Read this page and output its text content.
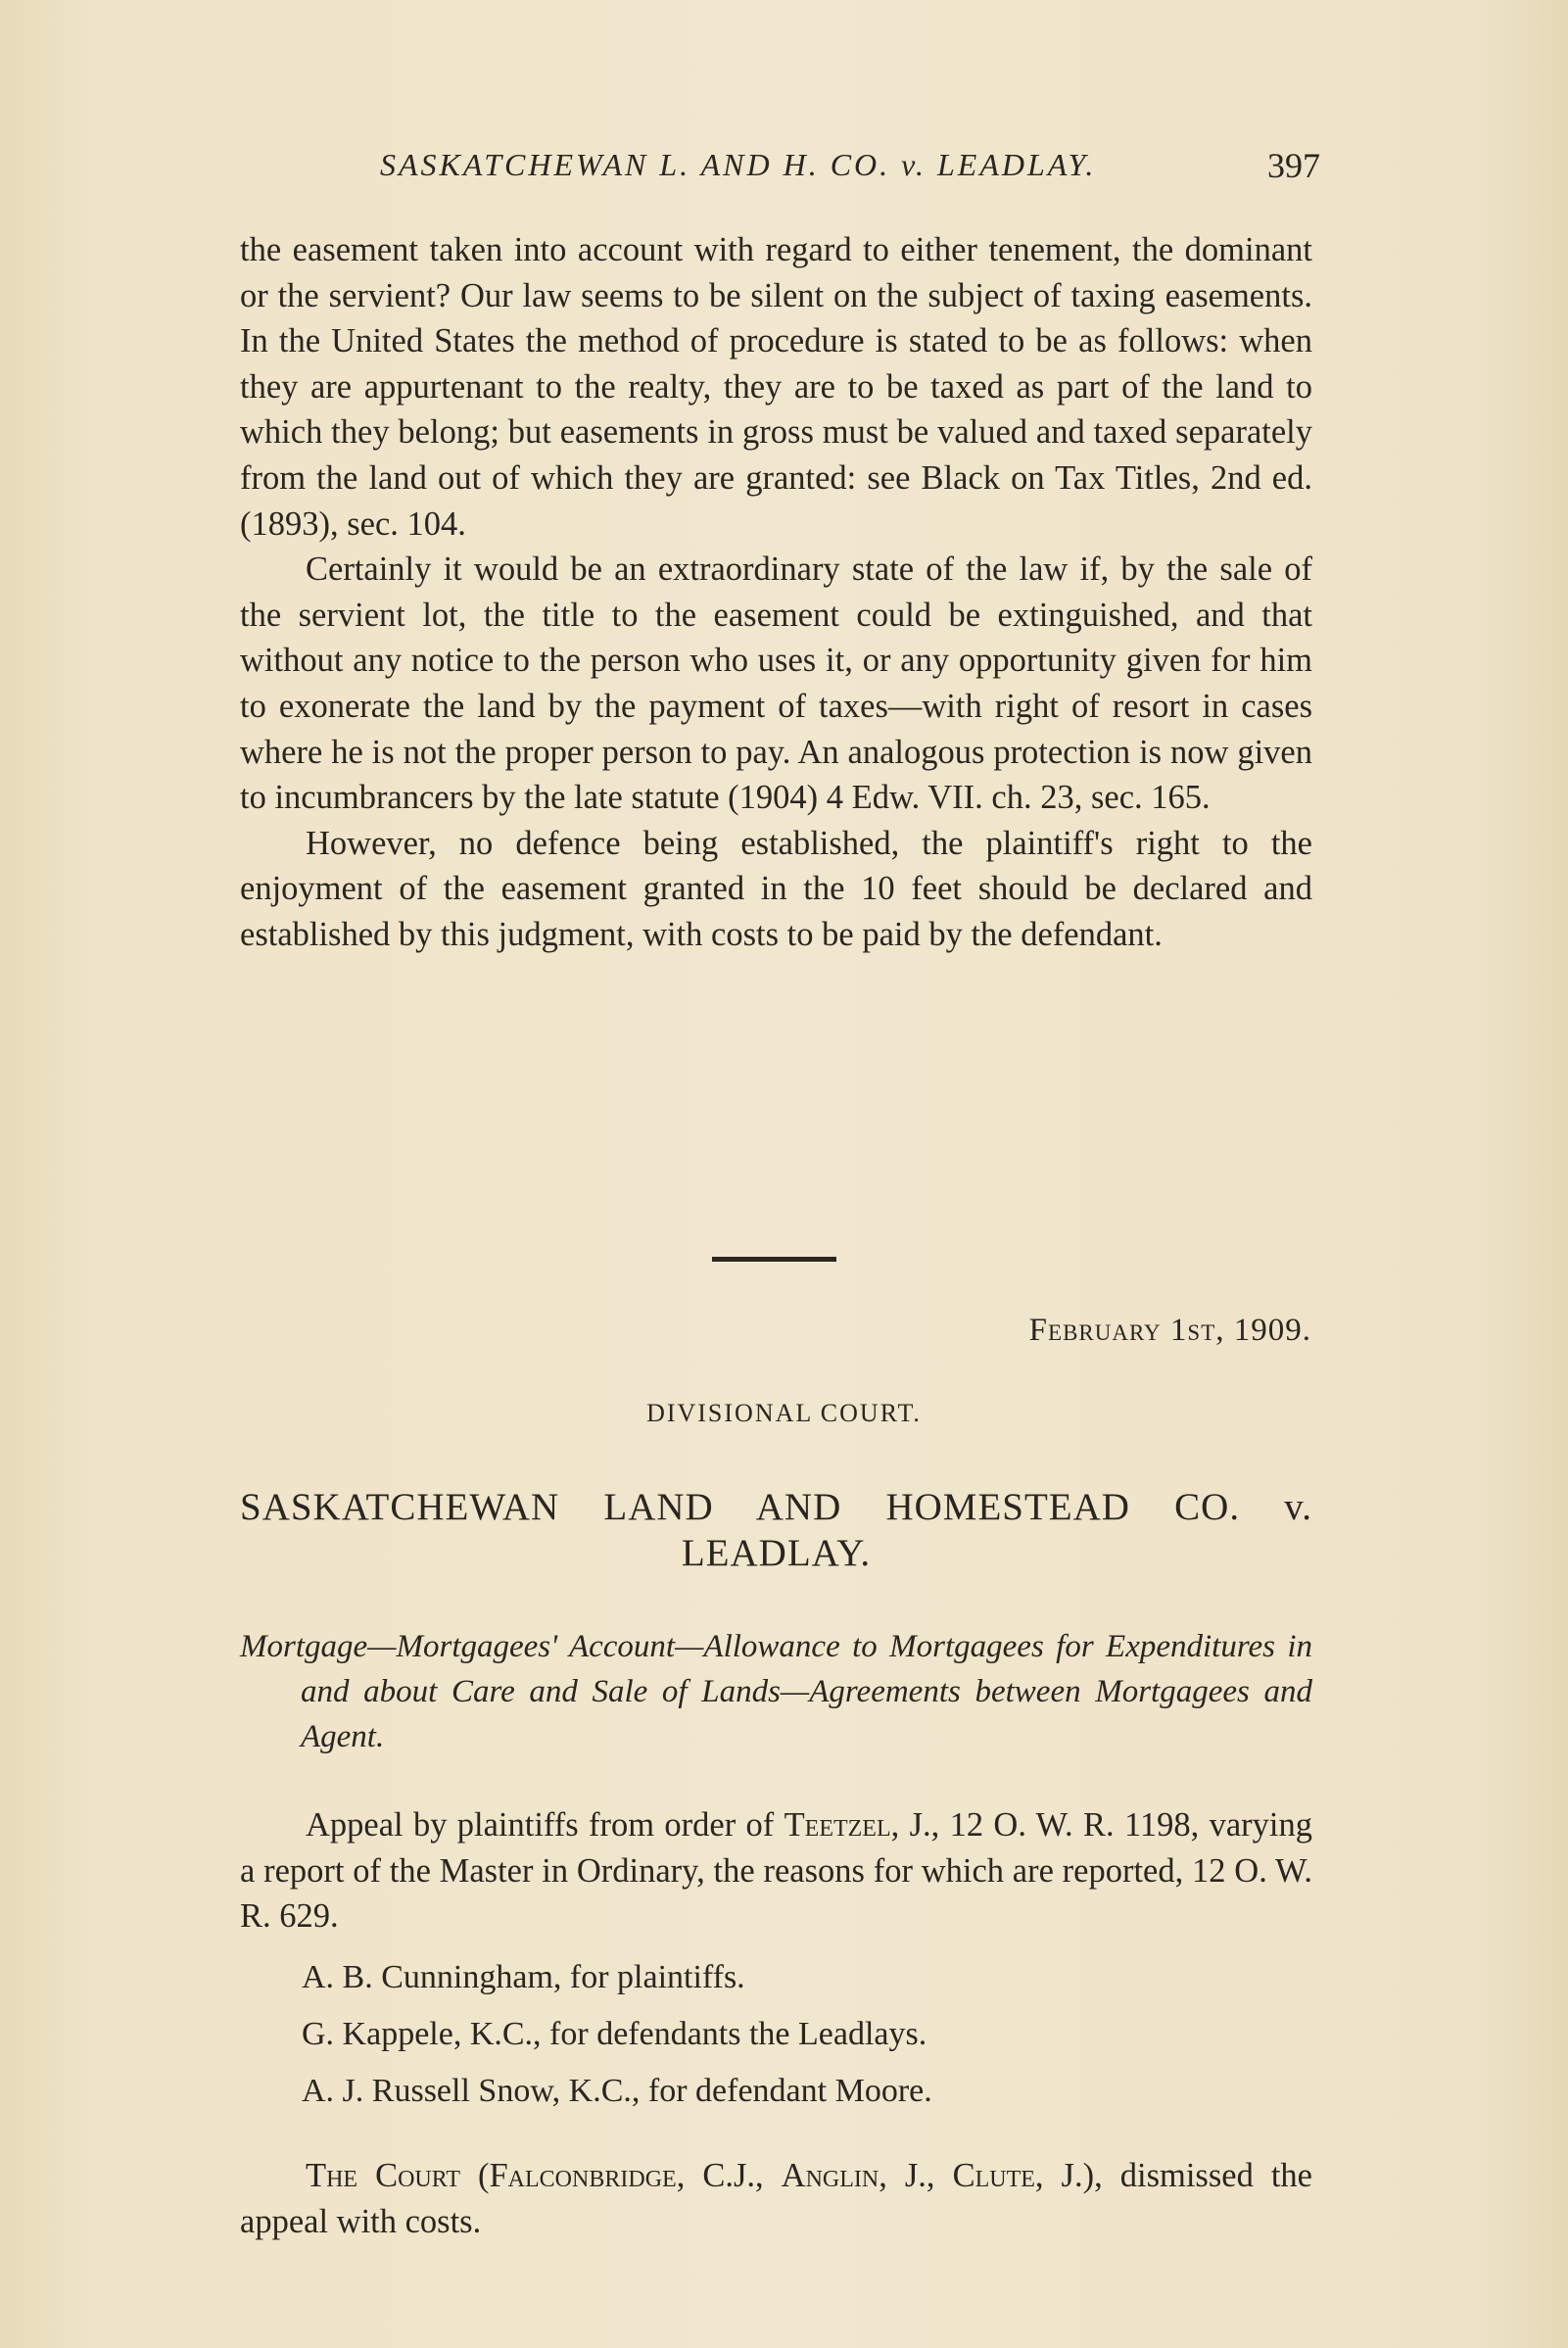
SASKATCHEWAN L. AND H. CO. v. LEADLAY.	397

the easement taken into account with regard to either tenement, the dominant or the servient? Our law seems to be silent on the subject of taxing easements. In the United States the method of procedure is stated to be as follows: when they are appurtenant to the realty, they are to be taxed as part of the land to which they belong; but easements in gross must be valued and taxed separately from the land out of which they are granted: see Black on Tax Titles, 2nd ed. (1893), sec. 104.

Certainly it would be an extraordinary state of the law if, by the sale of the servient lot, the title to the easement could be extinguished, and that without any notice to the person who uses it, or any opportunity given for him to exonerate the land by the payment of taxes—with right of resort in cases where he is not the proper person to pay. An analogous protection is now given to incumbrancers by the late statute (1904) 4 Edw. VII. ch. 23, sec. 165.

However, no defence being established, the plaintiff's right to the enjoyment of the easement granted in the 10 feet should be declared and established by this judgment, with costs to be paid by the defendant.

February 1st, 1909.
DIVISIONAL COURT.
SASKATCHEWAN LAND AND HOMESTEAD CO. v.
LEADLAY.
Mortgage—Mortgagees' Account—Allowance to Mortgagees for Expenditures in and about Care and Sale of Lands—Agreements between Mortgagees and Agent.

Appeal by plaintiffs from order of Teetzel, J., 12 O. W. R. 1198, varying a report of the Master in Ordinary, the reasons for which are reported, 12 O. W. R. 629.

A. B. Cunningham, for plaintiffs.
G. Kappele, K.C., for defendants the Leadlays.
A. J. Russell Snow, K.C., for defendant Moore.

The Court (Falconbridge, C.J., Anglin, J., Clute, J.), dismissed the appeal with costs.
